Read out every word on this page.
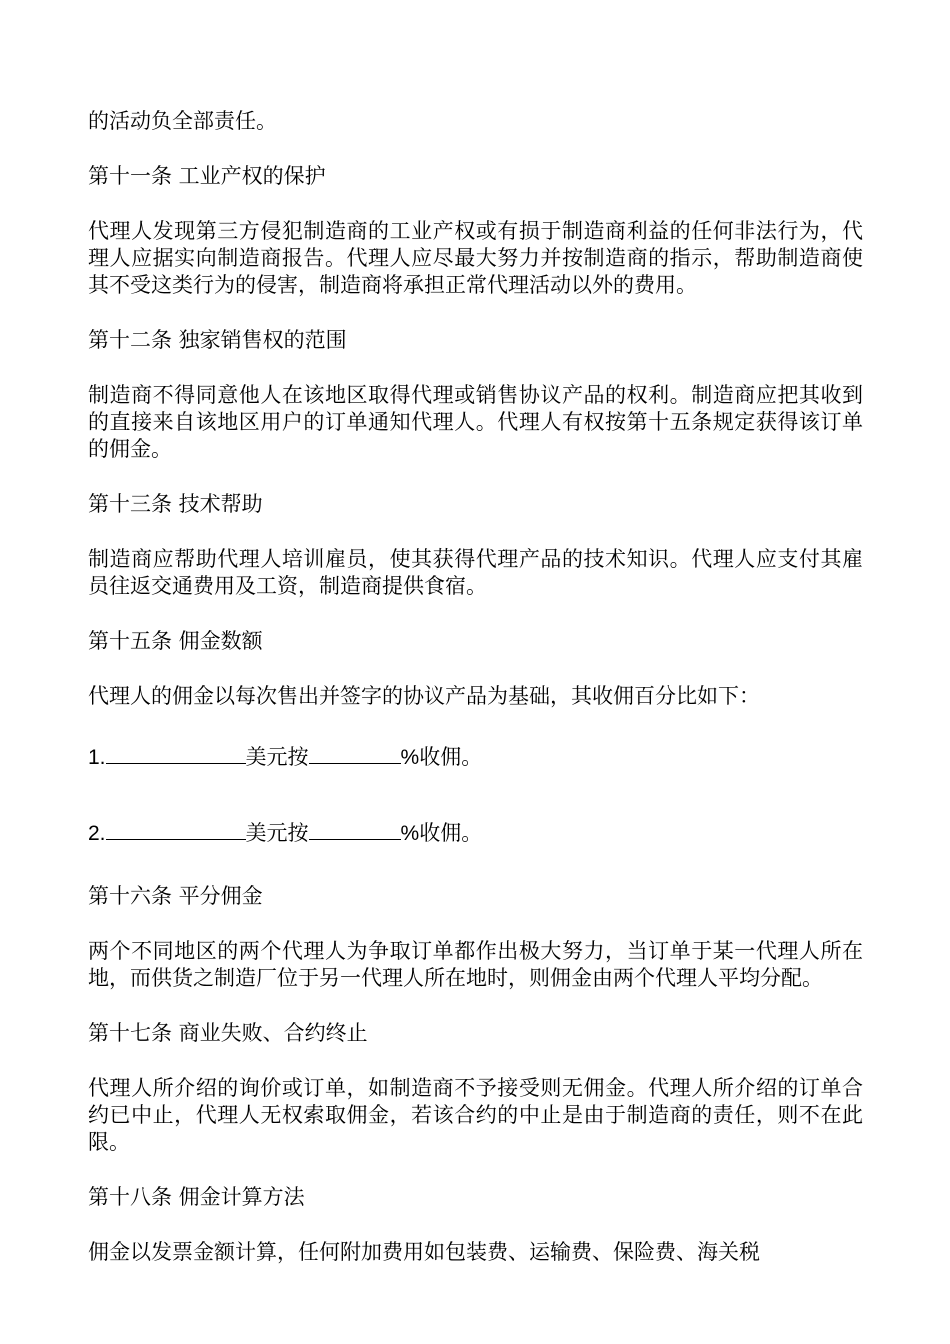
的活动负全部责任。

第十一条 工业产权的保护

代理人发现第三方侵犯制造商的工业产权或有损于制造商利益的任何非法行为，代理人应据实向制造商报告。代理人应尽最大努力并按制造商的指示，帮助制造商使其不受这类行为的侵害，制造商将承担正常代理活动以外的费用。

第十二条 独家销售权的范围

制造商不得同意他人在该地区取得代理或销售协议产品的权利。制造商应把其收到的直接来自该地区用户的订单通知代理人。代理人有权按第十五条规定获得该订单的佣金。

第十三条 技术帮助

制造商应帮助代理人培训雇员，使其获得代理产品的技术知识。代理人应支付其雇员往返交通费用及工资，制造商提供食宿。

第十五条 佣金数额

代理人的佣金以每次售出并签字的协议产品为基础，其收佣百分比如下：

1.	美元按	% 收佣。

2.	美元按	% 收佣。

第十六条 平分佣金

两个不同地区的两个代理人为争取订单都作出极大努力，当订单于某一代理人所在地，而供货之制造厂位于另一代理人所在地时，则佣金由两个代理人平均分配。

第十七条 商业失败、合约终止

代理人所介绍的询价或订单，如制造商不予接受则无佣金。代理人所介绍的订单合约已中止，代理人无权索取佣金，若该合约的中止是由于制造商的责任，则不在此限。

第十八条 佣金计算方法

佣金以发票金额计算，任何附加费用如包装费、运输费、保险费、海关税
